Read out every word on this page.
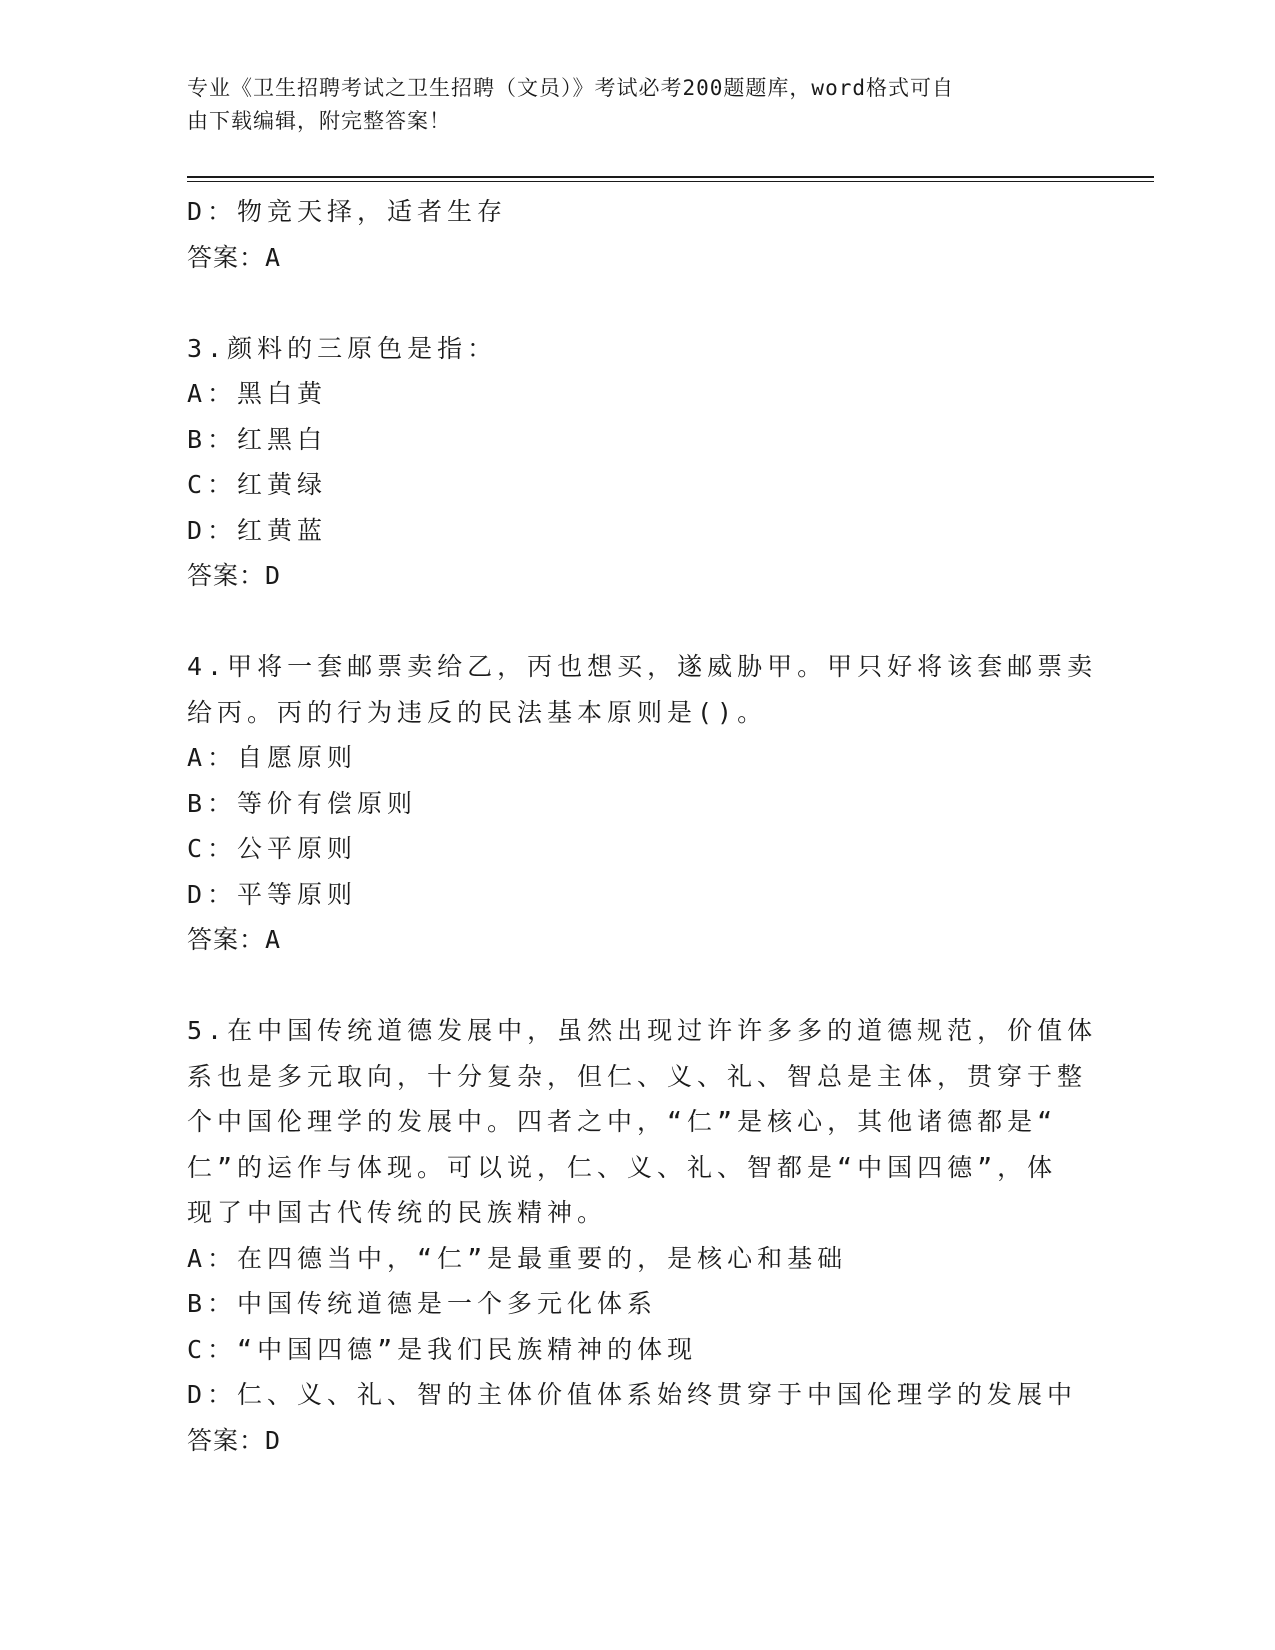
专业《卫生招聘考试之卫生招聘（文员）》考试必考200题题库，word格式可自
由下载编辑，附完整答案！
D：物竞天择，适者生存
答案：A
3.颜料的三原色是指：
A：黑白黄
B：红黑白
C：红黄绿
D：红黄蓝
答案：D
4.甲将一套邮票卖给乙，丙也想买，遂威胁甲。甲只好将该套邮票卖
给丙。丙的行为违反的民法基本原则是()。
A：自愿原则
B：等价有偿原则
C：公平原则
D：平等原则
答案：A
5.在中国传统道德发展中，虽然出现过许许多多的道德规范，价值体
系也是多元取向，十分复杂，但仁、义、礼、智总是主体，贯穿于整
个中国伦理学的发展中。四者之中，“仁”是核心，其他诸德都是“
仁”的运作与体现。可以说，仁、义、礼、智都是“中国四德”，体
现了中国古代传统的民族精神。
A：在四德当中，“仁”是最重要的，是核心和基础
B：中国传统道德是一个多元化体系
C：“中国四德”是我们民族精神的体现
D：仁、义、礼、智的主体价值体系始终贯穿于中国伦理学的发展中
答案：D
